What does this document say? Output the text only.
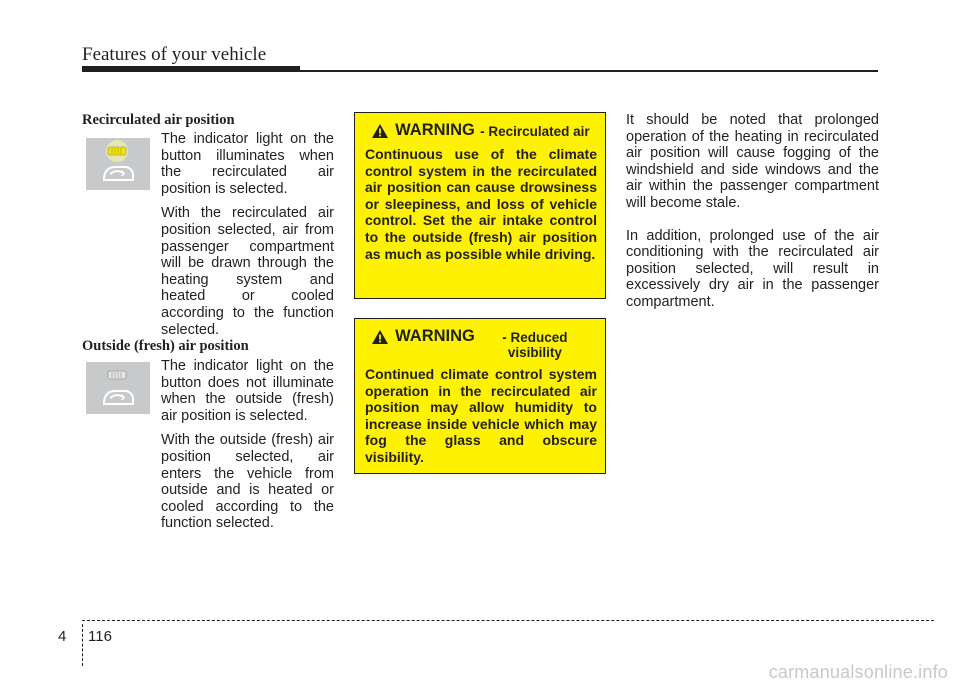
Features of your vehicle
Recirculated air position

The indicator light on the button illuminates when the recirculated air position is selected.

With the recirculated air position selected, air from passenger compartment will be drawn through the heating system and heated or cooled according to the function selected.

Outside (fresh) air position

The indicator light on the button does not illuminate when the outside (fresh) air position is selected.

With the outside (fresh) air position selected, air enters the vehicle from outside and is heated or cooled according to the function selected.

WARNING - Recirculated air
Continuous use of the climate control system in the recirculated air position can cause drowsiness or sleepiness, and loss of vehicle control. Set the air intake control to the outside (fresh) air position as much as possible while driving.
WARNING	- Reduced visibility
Continued climate control system operation in the recirculated air position may allow humidity to increase inside vehicle which may fog the glass and obscure visibility.

It should be noted that prolonged operation of the heating in recirculated air position will cause fogging of the windshield and side windows and the air within the passenger compartment will become stale.

In addition, prolonged use of the air conditioning with the recirculated air position selected, will result in excessively dry air in the passenger compartment.

4 116
carmanualsonline.info
